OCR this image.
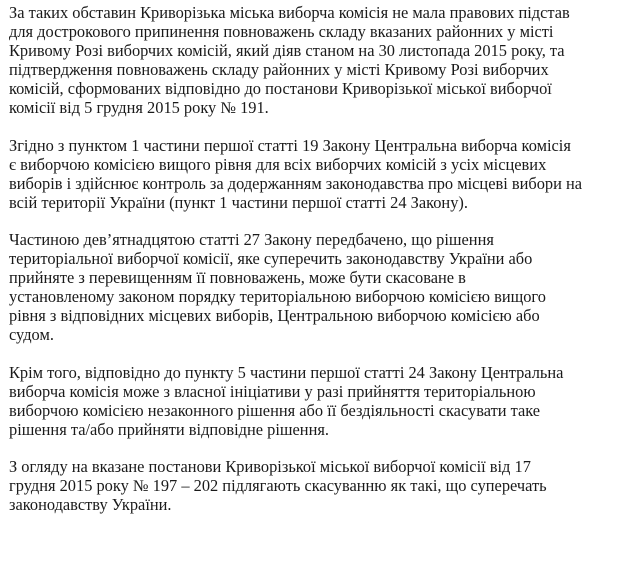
За таких обставин Криворізька міська виборча комісія не мала правових підстав
для дострокового припинення повноважень складу вказаних районних у місті
Кривому Розі виборчих комісій, який діяв станом на 30 листопада 2015 року, та
підтвердження повноважень складу районних у місті Кривому Розі виборчих
комісій, сформованих відповідно до постанови Криворізької міської виборчої
комісії від 5 грудня 2015 року № 191.

Згідно з пунктом 1 частини першої статті 19 Закону Центральна виборча комісія
є виборчою комісією вищого рівня для всіх виборчих комісій з усіх місцевих
виборів і здійснює контроль за додержанням законодавства про місцеві вибори на
всій території України (пункт 1 частини першої статті 24 Закону).

Частиною дев’ятнадцятою статті 27 Закону передбачено, що рішення
територіальної виборчої комісії, яке суперечить законодавству України або
прийняте з перевищенням її повноважень, може бути скасоване в
установленому законом порядку територіальною виборчою комісією вищого
рівня з відповідних місцевих виборів, Центральною виборчою комісією або
судом.

Крім того, відповідно до пункту 5 частини першої статті 24 Закону Центральна
виборча комісія може з власної ініціативи у разі прийняття територіальною
виборчою комісією незаконного рішення або її бездіяльності скасувати таке
рішення та/або прийняти відповідне рішення.

З огляду на вказане постанови Криворізької міської виборчої комісії від 17
грудня 2015 року № 197 – 202 підлягають скасуванню як такі, що суперечать
законодавству України.
